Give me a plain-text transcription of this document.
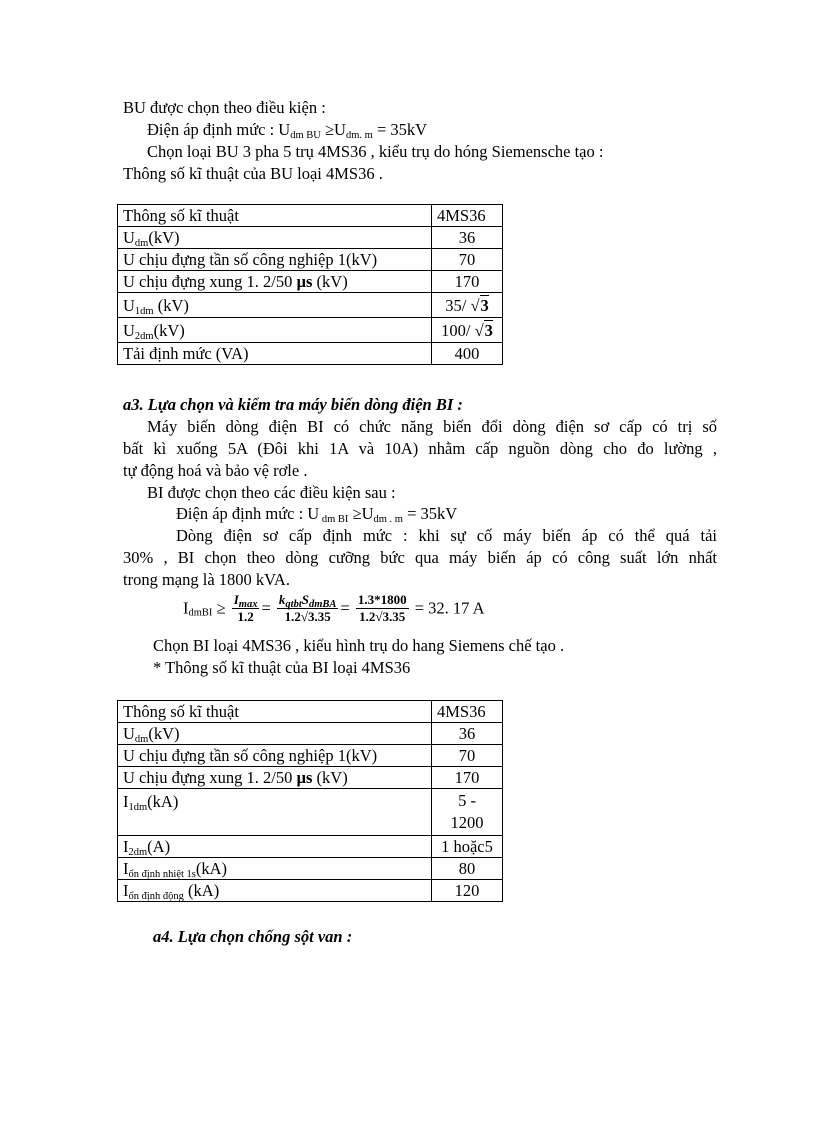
BU được chọn theo điều kiện :
Điện áp định mức : $U_{dm BU} \ge U_{dm. m} = 35kV$
Chọn loại BU 3 pha 5 trụ 4MS36 , kiểu trụ do hóng Siemensche tạo :
Thông số kĩ thuật của BU loại 4MS36 .
Thông số kĩ thuật	4MS36
$U_{dm}(kV)$	36
U chịu đựng tần số công nghiệp 1(kV)	70
U chịu đựng xung 1. 2/50 µs (kV)	170
$U_{1dm}$ (kV)	35/ √3
$U_{2dm}(kV)$	100/ √3
Tải định mức (VA)	400
a3. Lựa chọn và kiểm tra máy biến dòng điện BI :
Máy biến dòng điện BI có chức năng biến đổi dòng điện sơ cấp có trị số
bất kì xuống 5A (Đôi khi 1A và 10A) nhằm cấp nguồn dòng cho đo lường ,
tự động hoá và bảo vệ rơle .
BI được chọn theo các điều kiện sau :
Điện áp định mức : U $_{dm BI} \ge U_{dm . m} = 35kV$
Dòng điện sơ cấp định mức : khi sự cố máy biến áp có thể quá tải
30% , BI chọn theo dòng cưỡng bức qua máy biến áp có công suất lớn nhất
trong mạng là 1800 kVA.
$I_{dmBI} \ge \frac{I_{max}}{1.2} = \frac{k_{qtbt}S_{dmBA}}{1.2√3.35} = \frac{1.3*1800}{1.2√3.35} = 32$. 17 A
Chọn BI loại 4MS36 , kiểu hình trụ do hang Siemens chế tạo .
* Thông số kĩ thuật của BI loại 4MS36
Thông số kĩ thuật	4MS36
$U_{dm}(kV)$	36
U chịu đựng tần số công nghiệp 1(kV)	70
U chịu đựng xung 1. 2/50 µs (kV)	170
$I_{1dm}(kA)$	5 -
1200

$I_{2dm}(A)$	1 hoặc5
$I_{ổn định nhiệt 1s}(kA)$	80
$I_{ổn định động}$ (kA)	120
a4. Lựa chọn chống sột van :
